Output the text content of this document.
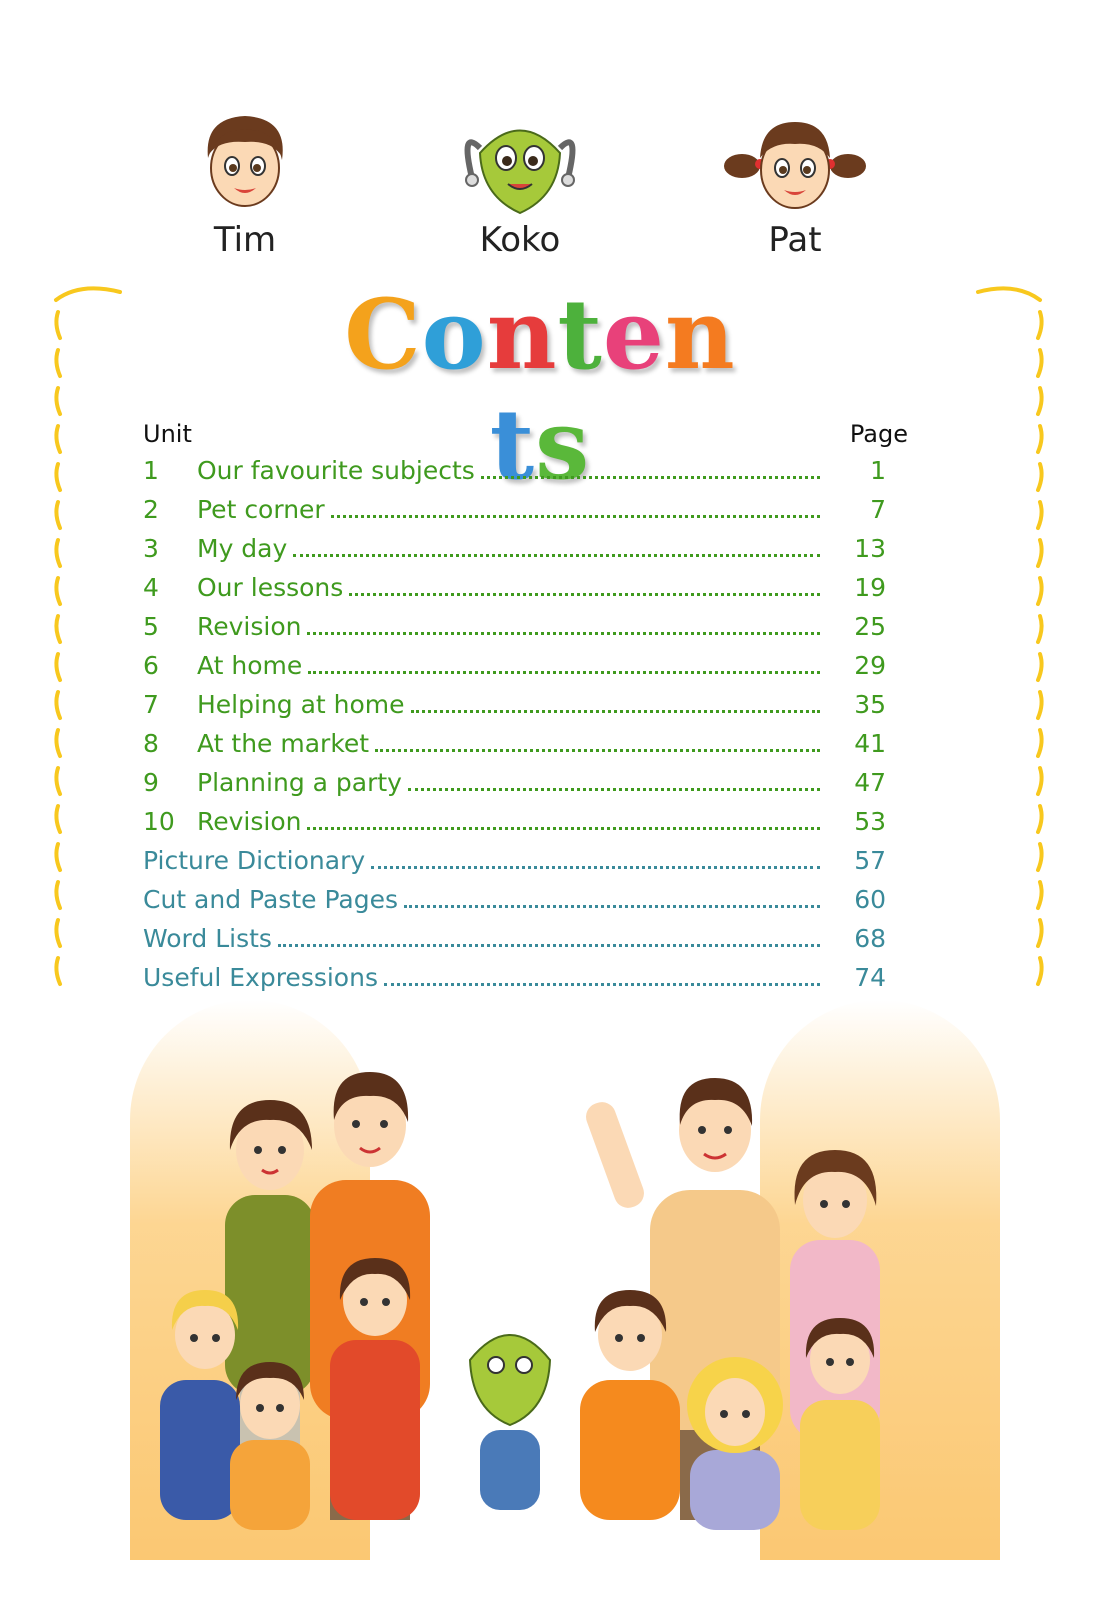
Tim	Koko	Pat
Contents
Unit	Page
1	Our favourite subjects	1
2	Pet corner	7
3	My day	13
4	Our lessons	19
5	Revision	25
6	At home	29
7	Helping at home	35
8	At the market	41
9	Planning a party	47
10 Revision	53
Picture Dictionary	57
Cut and Paste Pages	60
Word Lists	68
Useful Expressions	74
